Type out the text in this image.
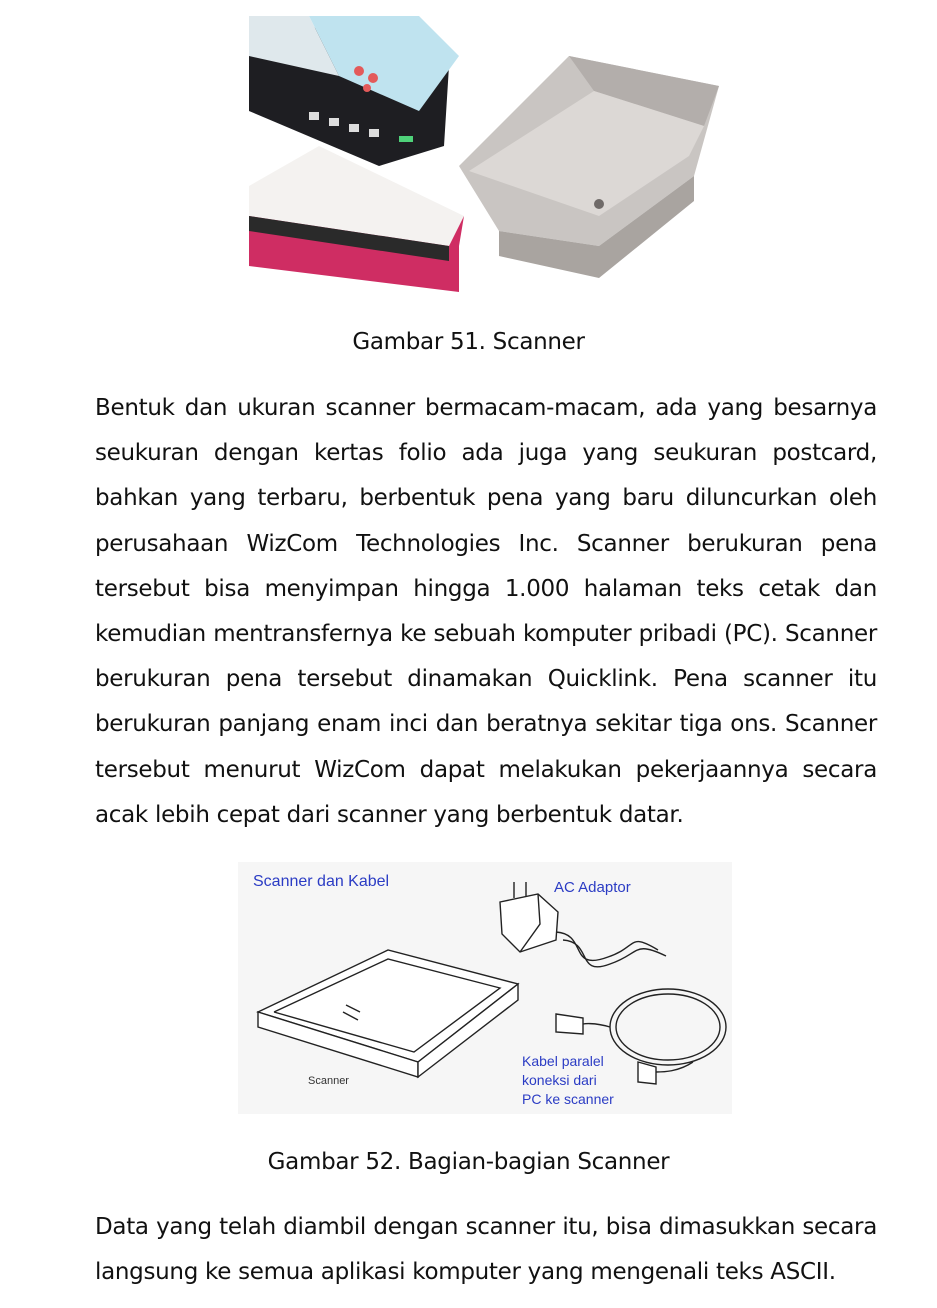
Gambar 51. Scanner

Bentuk dan ukuran scanner bermacam-macam, ada yang besarnya seukuran dengan kertas folio ada juga yang seukuran postcard, bahkan yang terbaru, berbentuk pena yang baru diluncurkan oleh perusahaan WizCom Technologies Inc. Scanner berukuran pena tersebut bisa menyimpan hingga 1.000 halaman teks cetak dan kemudian mentransfernya ke sebuah komputer pribadi (PC). Scanner berukuran pena tersebut dinamakan Quicklink. Pena scanner itu berukuran panjang enam inci dan beratnya sekitar tiga ons. Scanner tersebut menurut WizCom dapat melakukan pekerjaannya secara acak lebih cepat dari scanner yang berbentuk datar.

Scanner dan Kabel	AC Adaptor
Scanner
Kabel paralel
koneksi dari
PC ke scanner
Gambar 52. Bagian-bagian Scanner

Data yang telah diambil dengan scanner itu, bisa dimasukkan secara langsung ke semua aplikasi komputer yang mengenali teks ASCII.
